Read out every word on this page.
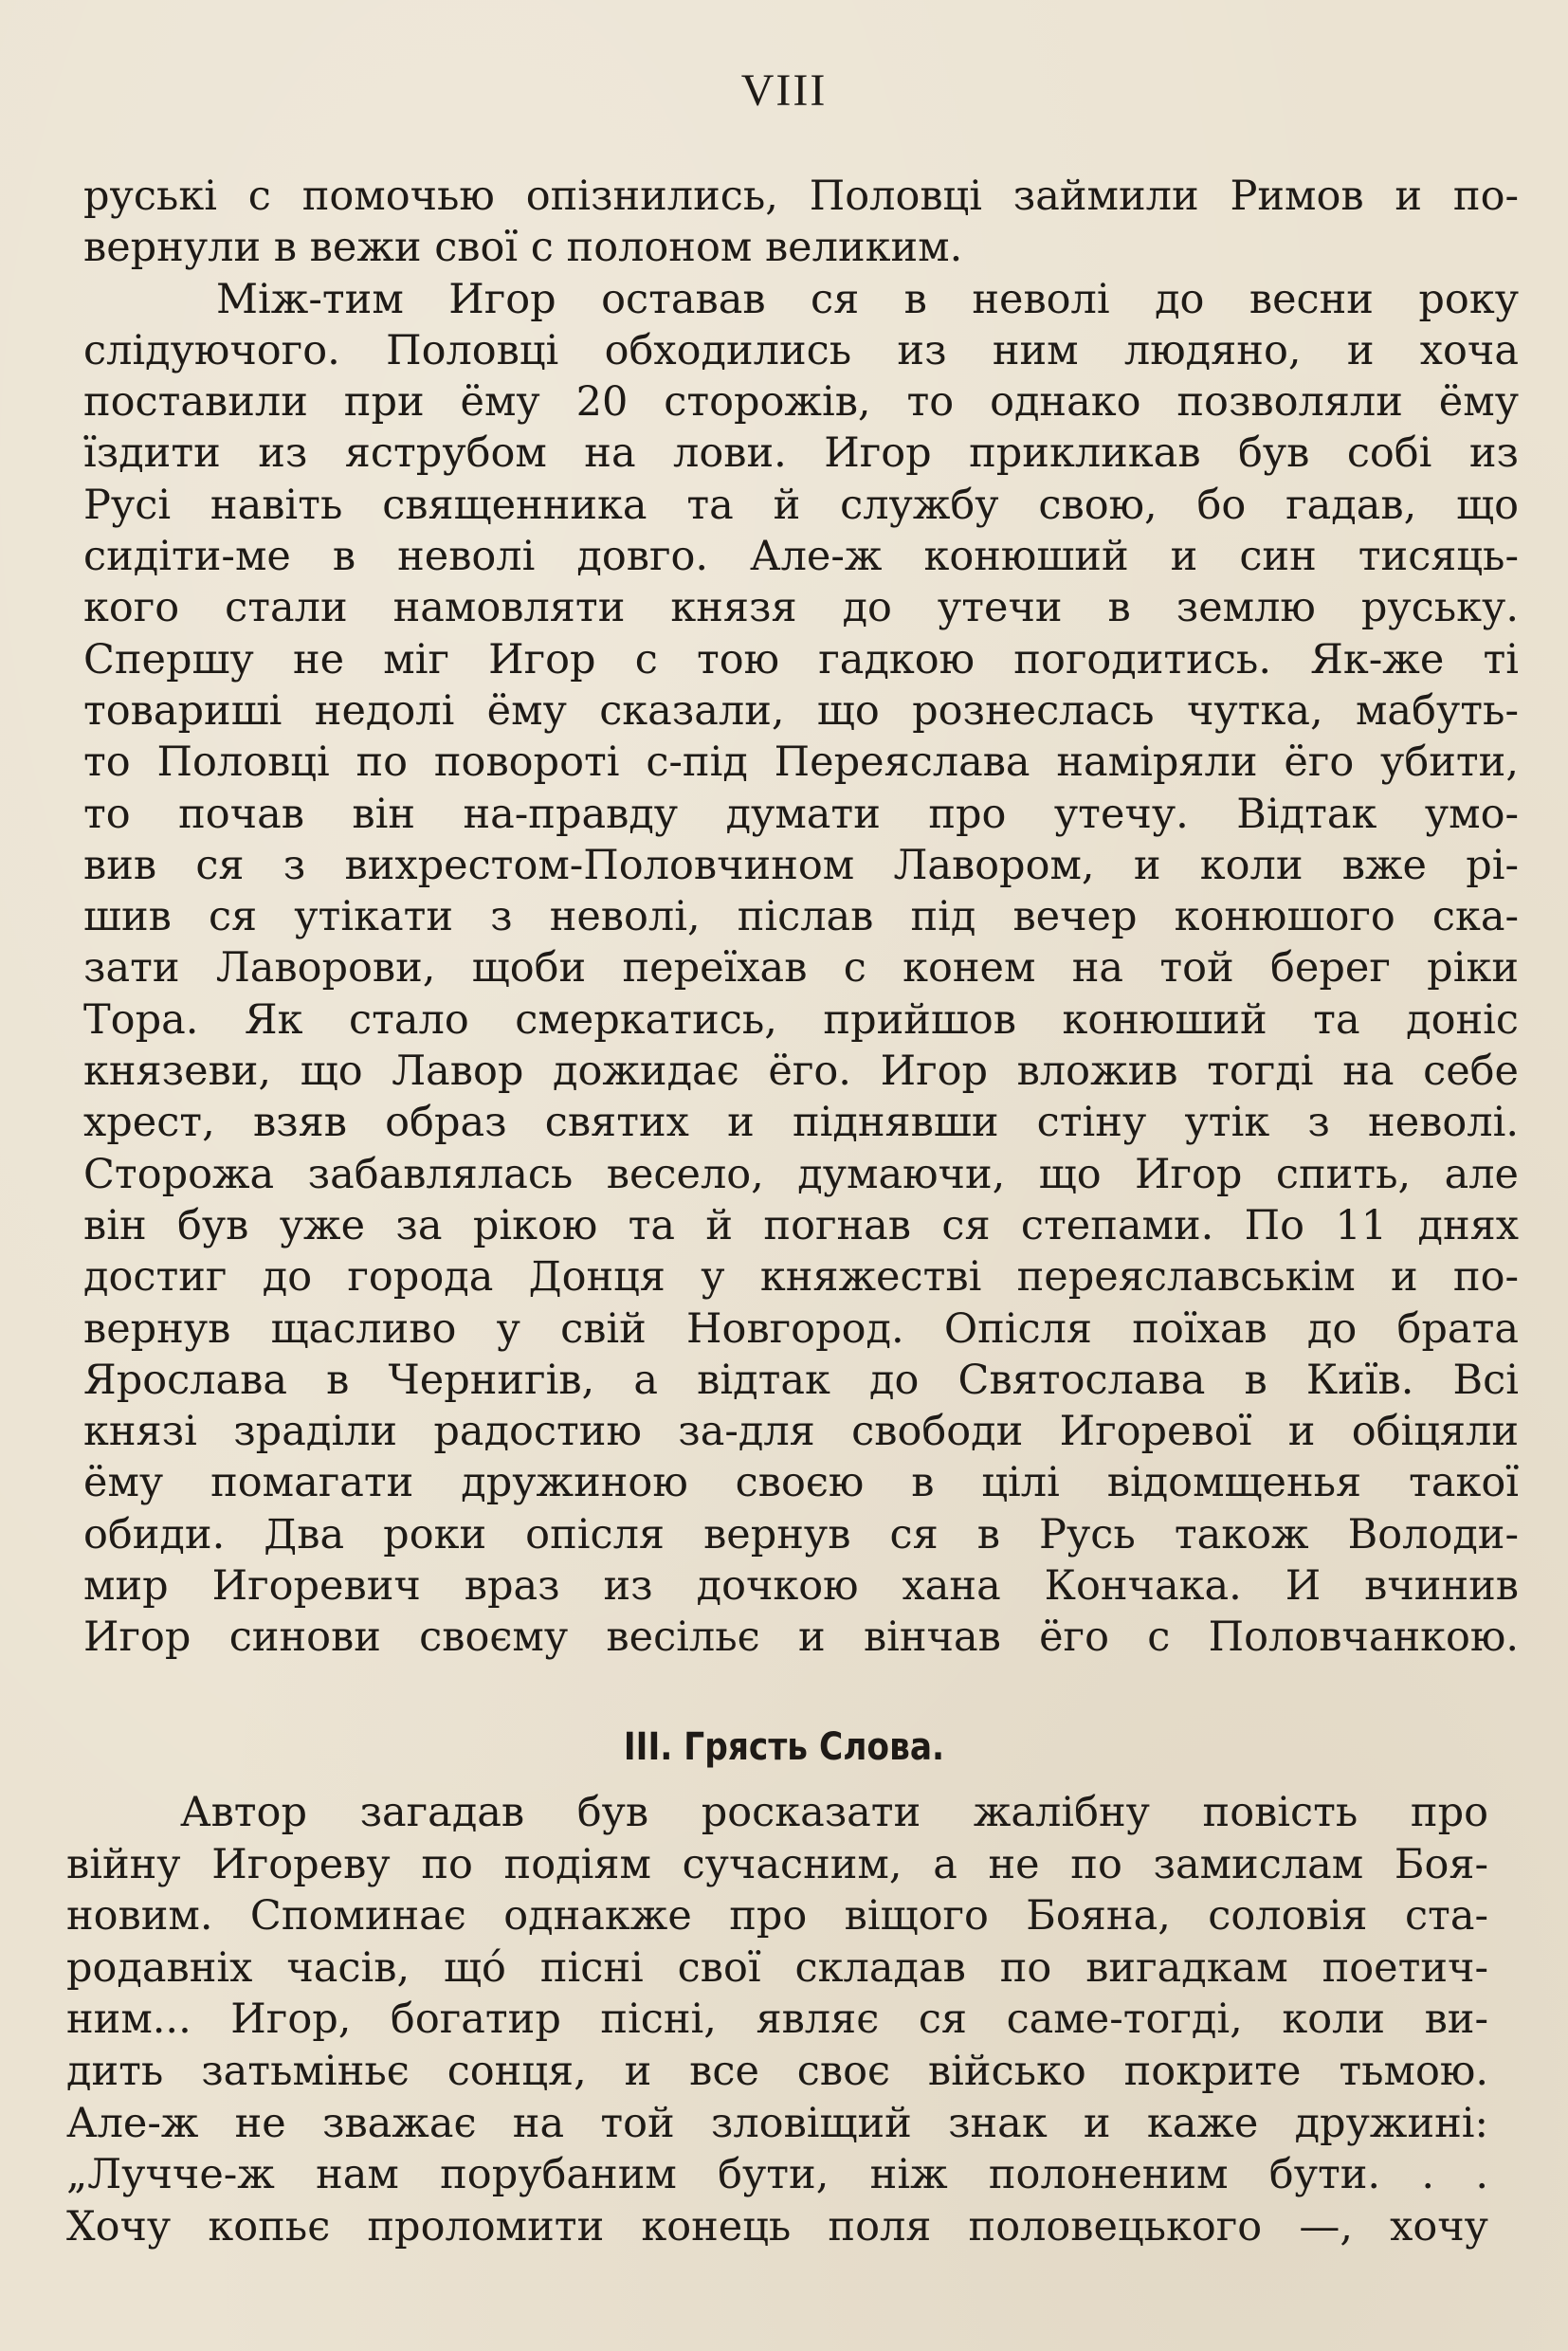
VIII
руські с помочью опізнились, Половці займили Римов и по-
вернули в вежи свої с полоном великим.
Між-тим Игор оставав ся в неволі до весни року
слідуючого. Половці обходились из ним людяно, и хоча
поставили при ёму 20 сторожів, то однако позволяли ёму
їздити из яструбом на лови. Игор прикликав був собі из
Русі навіть священника та й службу свою, бо гадав, що
сидіти-ме в неволі довго. Але-ж конюший и син тисяць-
кого стали намовляти князя до утечи в землю руську.
Спершу не міг Игор с тою гадкою погодитись. Як-же ті
товариші недолі ёму сказали, що рознеслась чутка, мабуть-
то Половці по повороті с-під Переяслава наміряли ёго убити,
то почав він на-правду думати про утечу. Відтак умо-
вив ся з вихрестом-Половчином Лавором, и коли вже рі-
шив ся утікати з неволі, післав під вечер конюшого ска-
зати Лаворови, щоби переїхав с конем на той берег ріки
Тора. Як стало смеркатись, прийшов конюший та доніс
князеви, що Лавор дожидає ёго. Игор вложив тогді на себе
хрест, взяв образ святих и піднявши стіну утік з неволі.
Сторожа забавлялась весело, думаючи, що Игор спить, але
він був уже за рікою та й погнав ся степами. По 11 днях
достиг до города Донця у княжестві переяславськім и по-
вернув щасливо у свій Новгород. Опісля поїхав до брата
Ярослава в Чернигів, а відтак до Святослава в Київ. Всі
князі зраділи радостию за-для свободи Игоревої и обіцяли
ёму помагати дружиною своєю в цілі відомщенья такої
обиди. Два роки опісля вернув ся в Русь також Володи-
мир Игоревич враз из дочкою хана Кончака. И вчинив
Игор синови своєму весільє и вінчав ёго с Половчанкою.
III. Грясть Слова.
Автор загадав був росказати жалібну повість про
війну Игореву по подіям сучасним, а не по замислам Боя-
новим. Споминає однакже про віщого Бояна, соловія ста-
родавніх часів, щó пісні свої складав по вигадкам поетич-
ним... Игор, богатир пісні, являє ся саме-тогді, коли ви-
дить затьміньє сонця, и все своє військо покрите тьмою.
Але-ж не зважає на той зловіщий знак и каже дружині:
„Лучче-ж нам порубаним бути, ніж полоненим бути. . .
Хочу копьє проломити конець поля половецького —, хочу
